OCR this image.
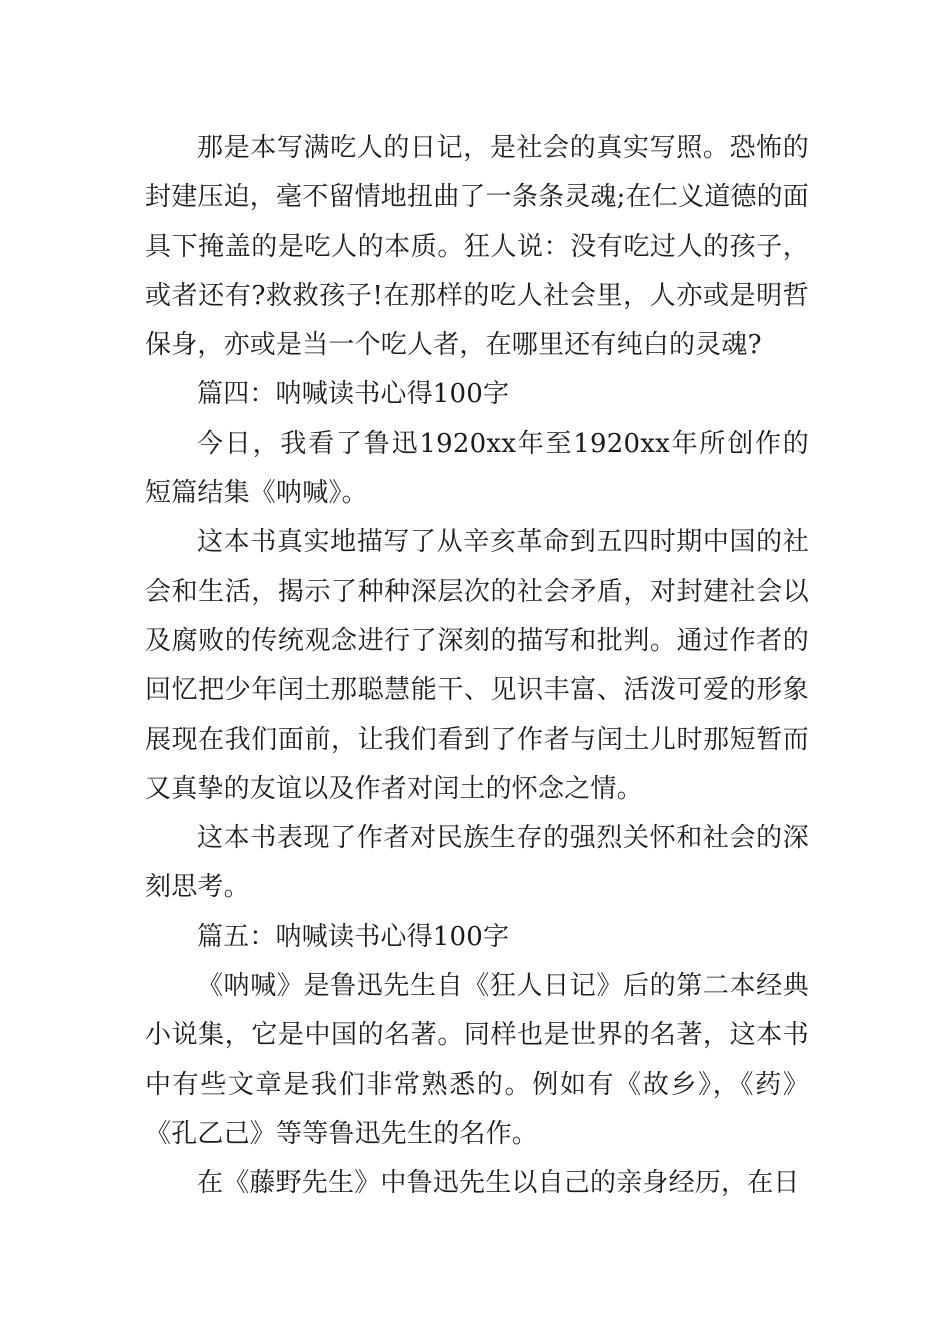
那是本写满吃人的日记，是社会的真实写照。恐怖的封建压迫，毫不留情地扭曲了一条条灵魂;在仁义道德的面具下掩盖的是吃人的本质。狂人说：没有吃过人的孩子，或者还有?救救孩子!在那样的吃人社会里，人亦或是明哲保身，亦或是当一个吃人者，在哪里还有纯白的灵魂?

篇四：呐喊读书心得100字

今日，我看了鲁迅1920xx年至1920xx年所创作的短篇结集《呐喊》。

这本书真实地描写了从辛亥革命到五四时期中国的社会和生活，揭示了种种深层次的社会矛盾，对封建社会以及腐败的传统观念进行了深刻的描写和批判。通过作者的回忆把少年闰土那聪慧能干、见识丰富、活泼可爱的形象展现在我们面前，让我们看到了作者与闰土儿时那短暂而又真挚的友谊以及作者对闰土的怀念之情。

这本书表现了作者对民族生存的强烈关怀和社会的深刻思考。

篇五：呐喊读书心得100字

《呐喊》是鲁迅先生自《狂人日记》后的第二本经典小说集，它是中国的名著。同样也是世界的名著，这本书中有些文章是我们非常熟悉的。例如有《故乡》，《药》《孔乙己》等等鲁迅先生的名作。

在《藤野先生》中鲁迅先生以自己的亲身经历，在日
